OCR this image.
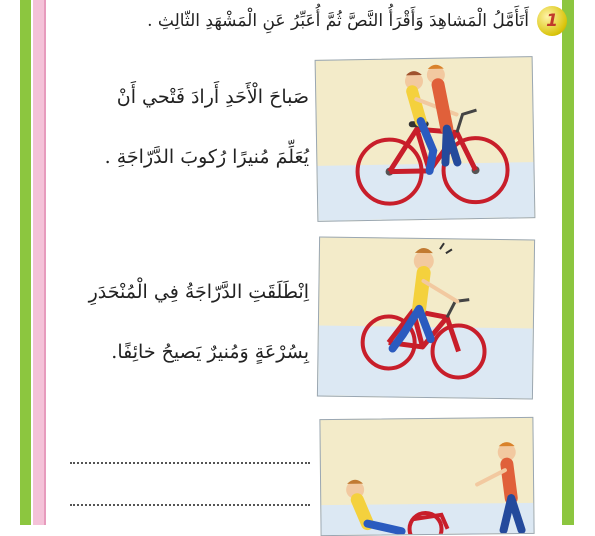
1
أَتَأَمَّلُ الْمَشاهِدَ وَأَقْرَأُ النَّصَّ ثُمَّ أُعَبِّرُ عَنِ الْمَشْهَدِ الثّالِثِ .
صَباحَ الْأَحَدِ أَرادَ فَتْحي أَنْ
يُعَلِّمَ مُنيرًا رُكوبَ الدَّرّاجَةِ .
اِنْطَلَقَتِ الدَّرّاجَةُ فِي الْمُنْحَدَرِ
بِسُرْعَةٍ وَمُنيرٌ يَصيحُ خائِفًا.
